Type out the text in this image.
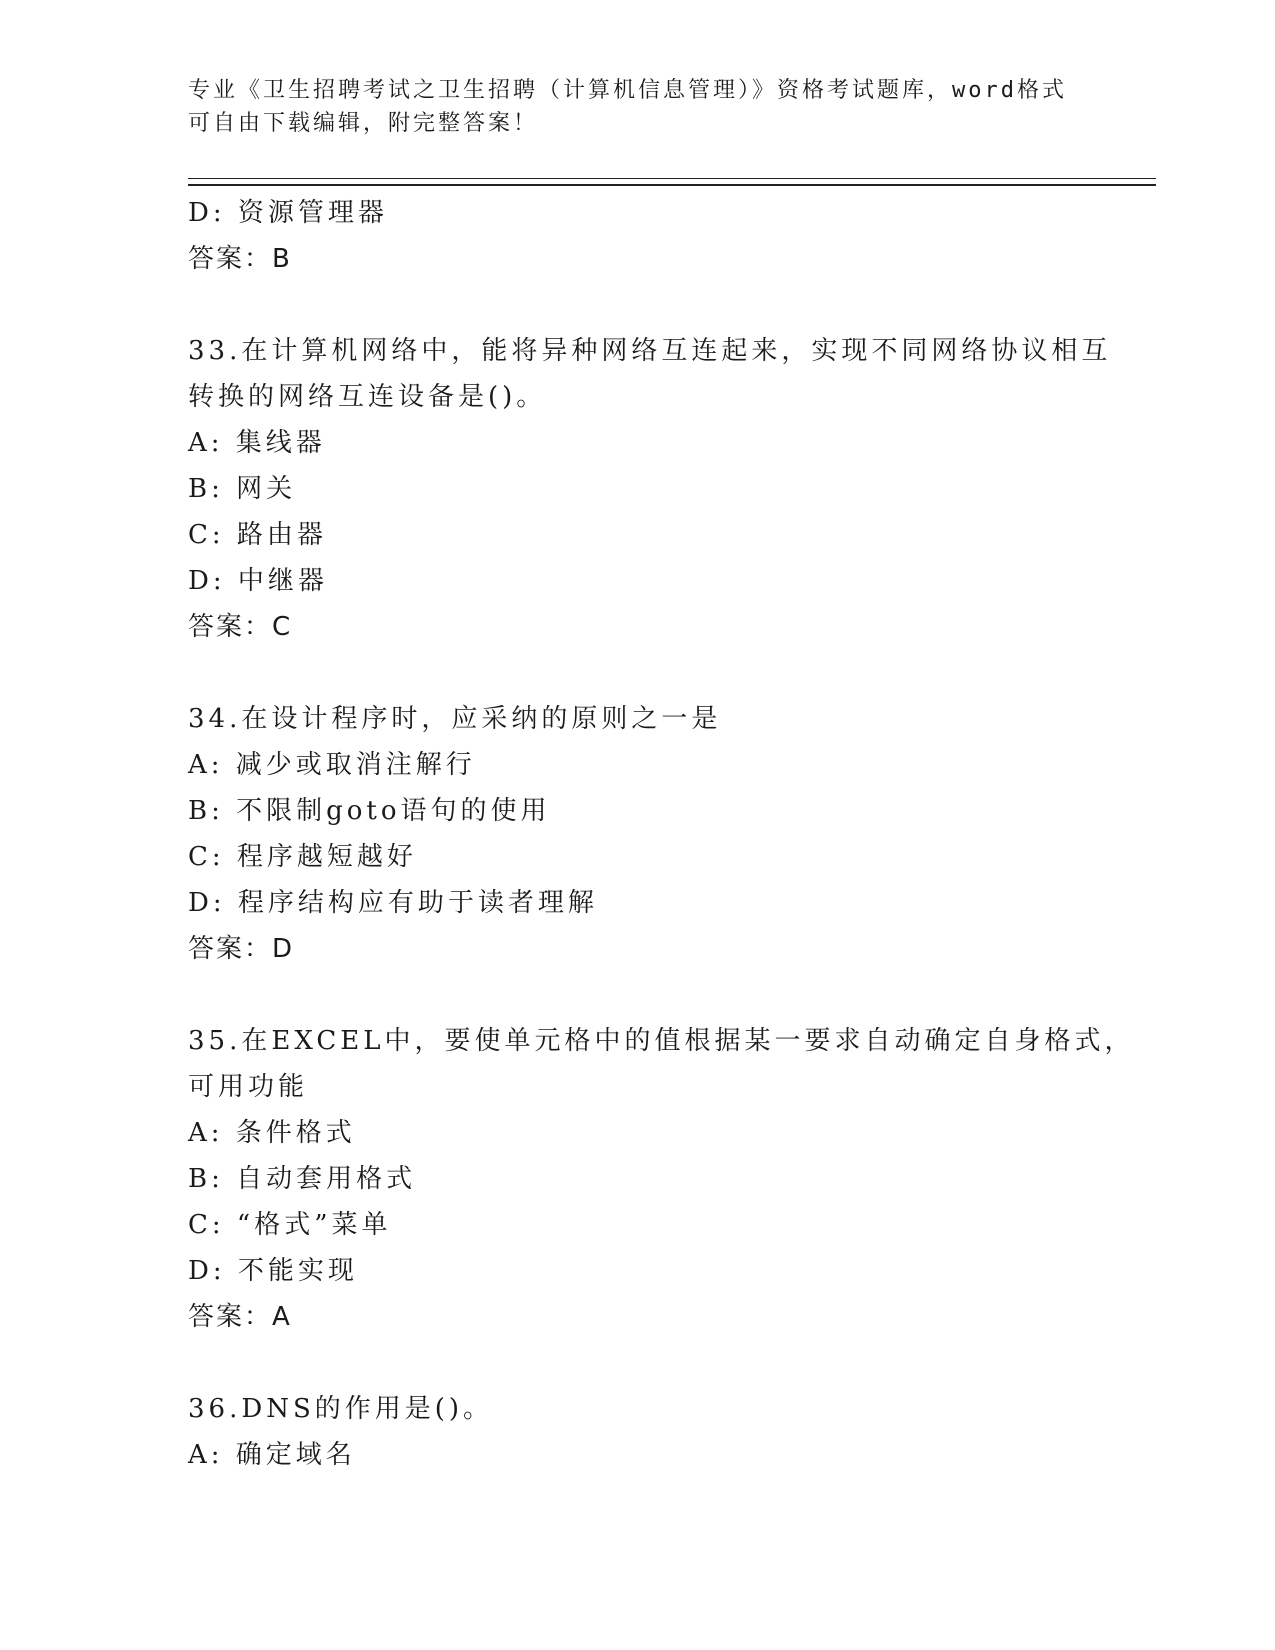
专业《卫生招聘考试之卫生招聘（计算机信息管理）》资格考试题库，word格式
可自由下载编辑，附完整答案！
D: 资源管理器
答案：B
33.在计算机网络中，能将异种网络互连起来，实现不同网络协议相互
转换的网络互连设备是()。
A: 集线器
B: 网关
C: 路由器
D: 中继器
答案：C
34.在设计程序时，应采纳的原则之一是
A: 减少或取消注解行
B: 不限制goto语句的使用
C: 程序越短越好
D: 程序结构应有助于读者理解
答案：D
35.在EXCEL中，要使单元格中的值根据某一要求自动确定自身格式，
可用功能
A: 条件格式
B: 自动套用格式
C: “格式”菜单
D: 不能实现
答案：A
36.DNS的作用是()。
A: 确定域名
